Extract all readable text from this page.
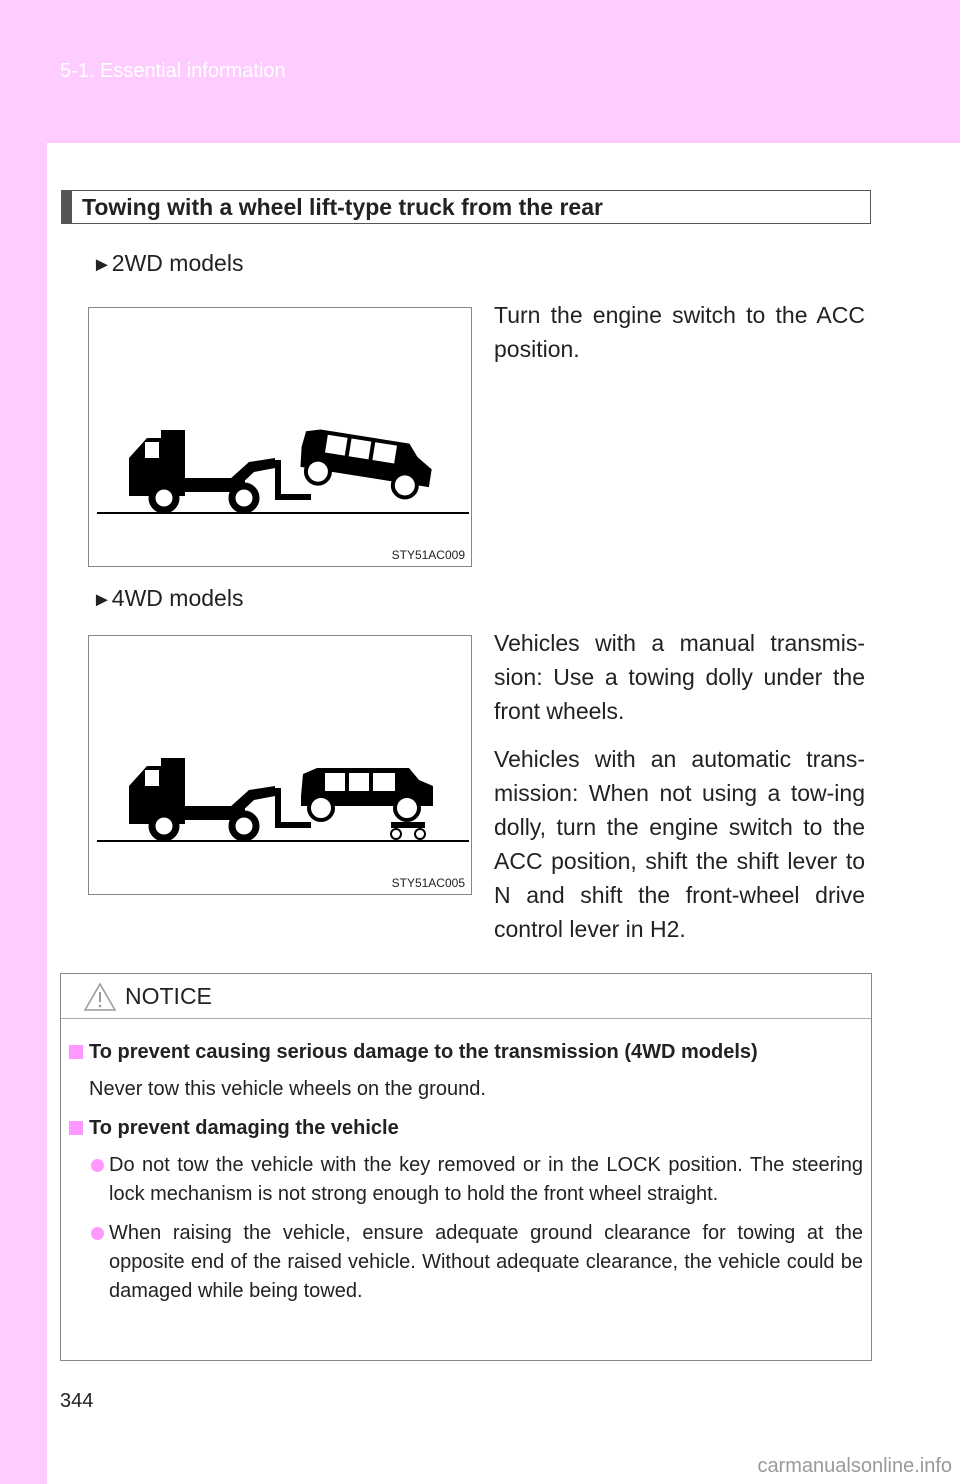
5-1. Essential information
Towing with a wheel lift-type truck from the rear
►2WD models
STY51AC009

Turn the engine switch to the ACC position.

►4WD models
STY51AC005

Vehicles with a manual transmis-sion: Use a towing dolly under the front wheels.

Vehicles with an automatic trans-mission: When not using a tow-ing dolly, turn the engine switch to the ACC position, shift the shift lever to N and shift the front-wheel drive control lever in H2.

NOTICE
To prevent causing serious damage to the transmission (4WD models)
Never tow this vehicle wheels on the ground.
To prevent damaging the vehicle
Do not tow the vehicle with the key removed or in the LOCK position. The steering lock mechanism is not strong enough to hold the front wheel straight.
When raising the vehicle, ensure adequate ground clearance for towing at the opposite end of the raised vehicle. Without adequate clearance, the vehicle could be damaged while being towed.
344
carmanualsonline.info
